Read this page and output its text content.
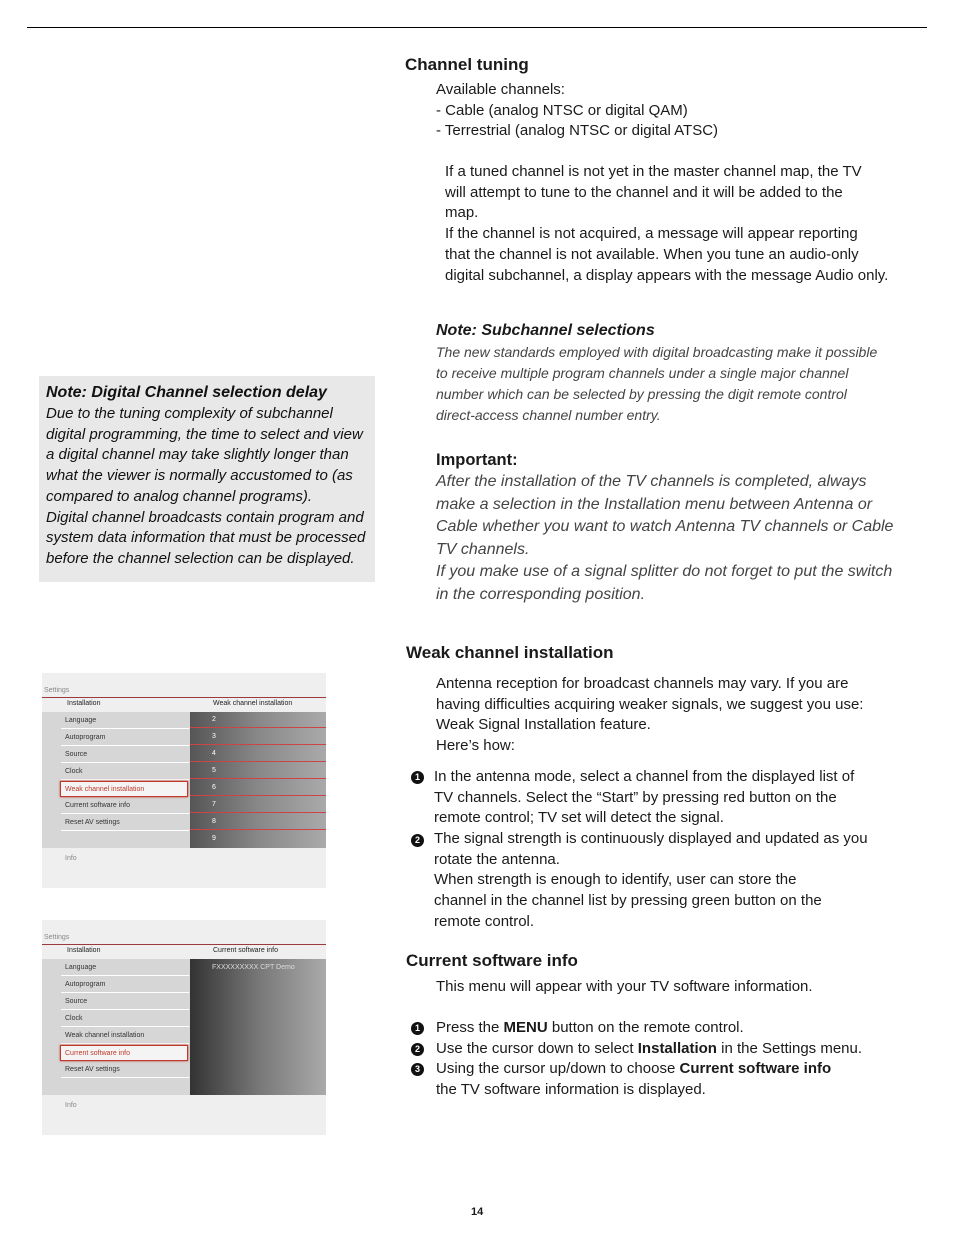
Channel tuning
Available channels:
- Cable (analog NTSC or digital QAM)
- Terrestrial (analog NTSC or digital ATSC)
If a tuned channel is not yet in the master channel map, the TV
will attempt to tune to the channel and it will be added to the
map.
If the channel is not acquired, a message will appear reporting
that the channel is not available. When you tune an audio-only
digital subchannel, a display appears with the message Audio only.
Note: Subchannel selections
The new standards employed with digital broadcasting make it possible
to receive multiple program channels under a single major channel
number which can be selected by pressing the digit remote control
direct-access channel number entry.
Note: Digital Channel selection delay
Due to the tuning complexity of subchannel
digital programming, the time to select and view
a digital channel may take slightly longer than
what the viewer is normally accustomed to (as
compared to analog channel programs).
Digital channel broadcasts contain program and
system data information that must be processed
before the channel selection can be displayed.
Important:
After the installation of the TV channels is completed, always
make a selection in the Installation menu between Antenna or
Cable whether you want to watch Antenna TV channels or Cable
TV channels.
If you make use of a signal splitter do not forget to put the switch
in the corresponding position.
Weak channel installation
Antenna reception for broadcast channels may vary. If you are
having difficulties acquiring weaker signals, we suggest you use:
Weak Signal Installation feature.
Here’s how:
1 In the antenna mode, select a channel from the displayed list of
TV channels. Select the “Start” by pressing red button on the
remote control; TV set will detect the signal.
2 The signal strength is continuously displayed and updated as you
rotate the antenna.
When strength is enough to identify, user can store the
channel in the channel list by pressing green button on the
remote control.
Current software info
This menu will appear with your TV software information.
1 Press the MENU button on the remote control.
2 Use the cursor down to select Installation in the Settings menu.
3 Using the cursor up/down to choose Current software info
the TV software information is displayed.
Settings
Installation	Weak channel installation
Language
Autoprogram
Source
Clock
Weak channel installation
Current software info
Reset AV settings
2
3
4
5
6
7
8
9
Info
Settings
Installation	Current software info
Language
Autoprogram
Source
Clock
Weak channel installation
Current software info
Reset AV settings
FXXXXXXXXX CPT Demo
Info
14
